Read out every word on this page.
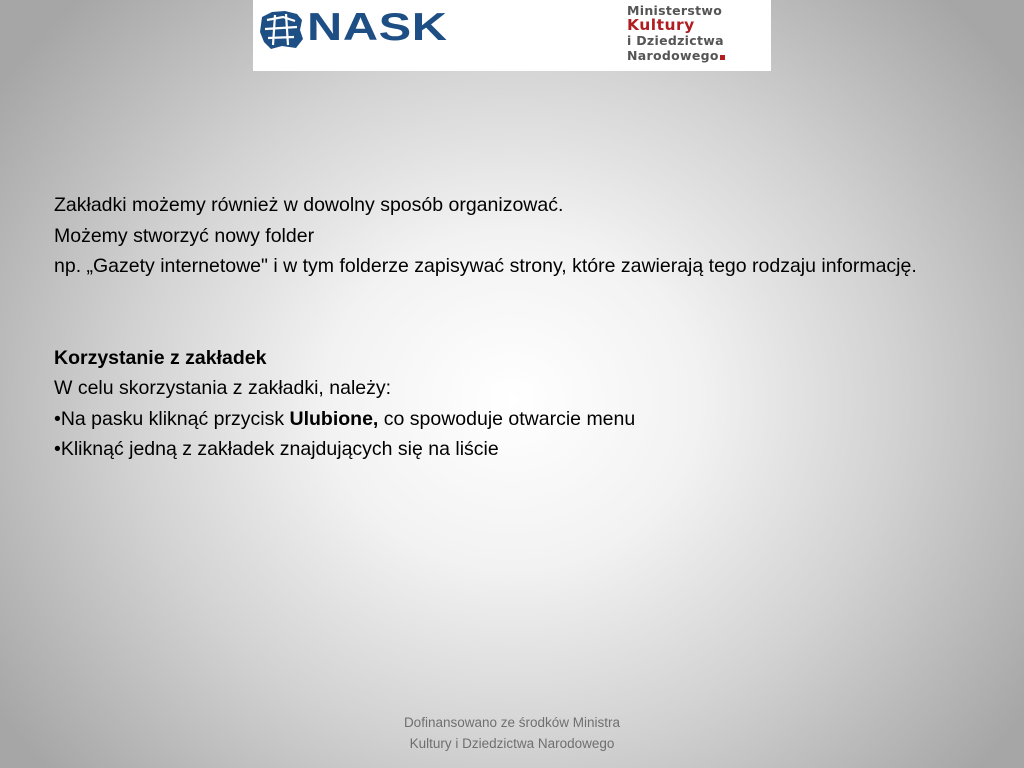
NASK	Ministerstwo
Kultury
i Dziedzictwa
Narodowego

Zakładki możemy również w dowolny sposób organizować.

Możemy stworzyć nowy folder

np. „Gazety internetowe" i w tym folderze zapisywać strony, które zawierają tego rodzaju informację.

Korzystanie z zakładek

W celu skorzystania z zakładki, należy:

•Na pasku kliknąć przycisk Ulubione, co spowoduje otwarcie menu

•Kliknąć jedną z zakładek znajdujących się na liście

Dofinansowano ze środków Ministra
Kultury i Dziedzictwa Narodowego
